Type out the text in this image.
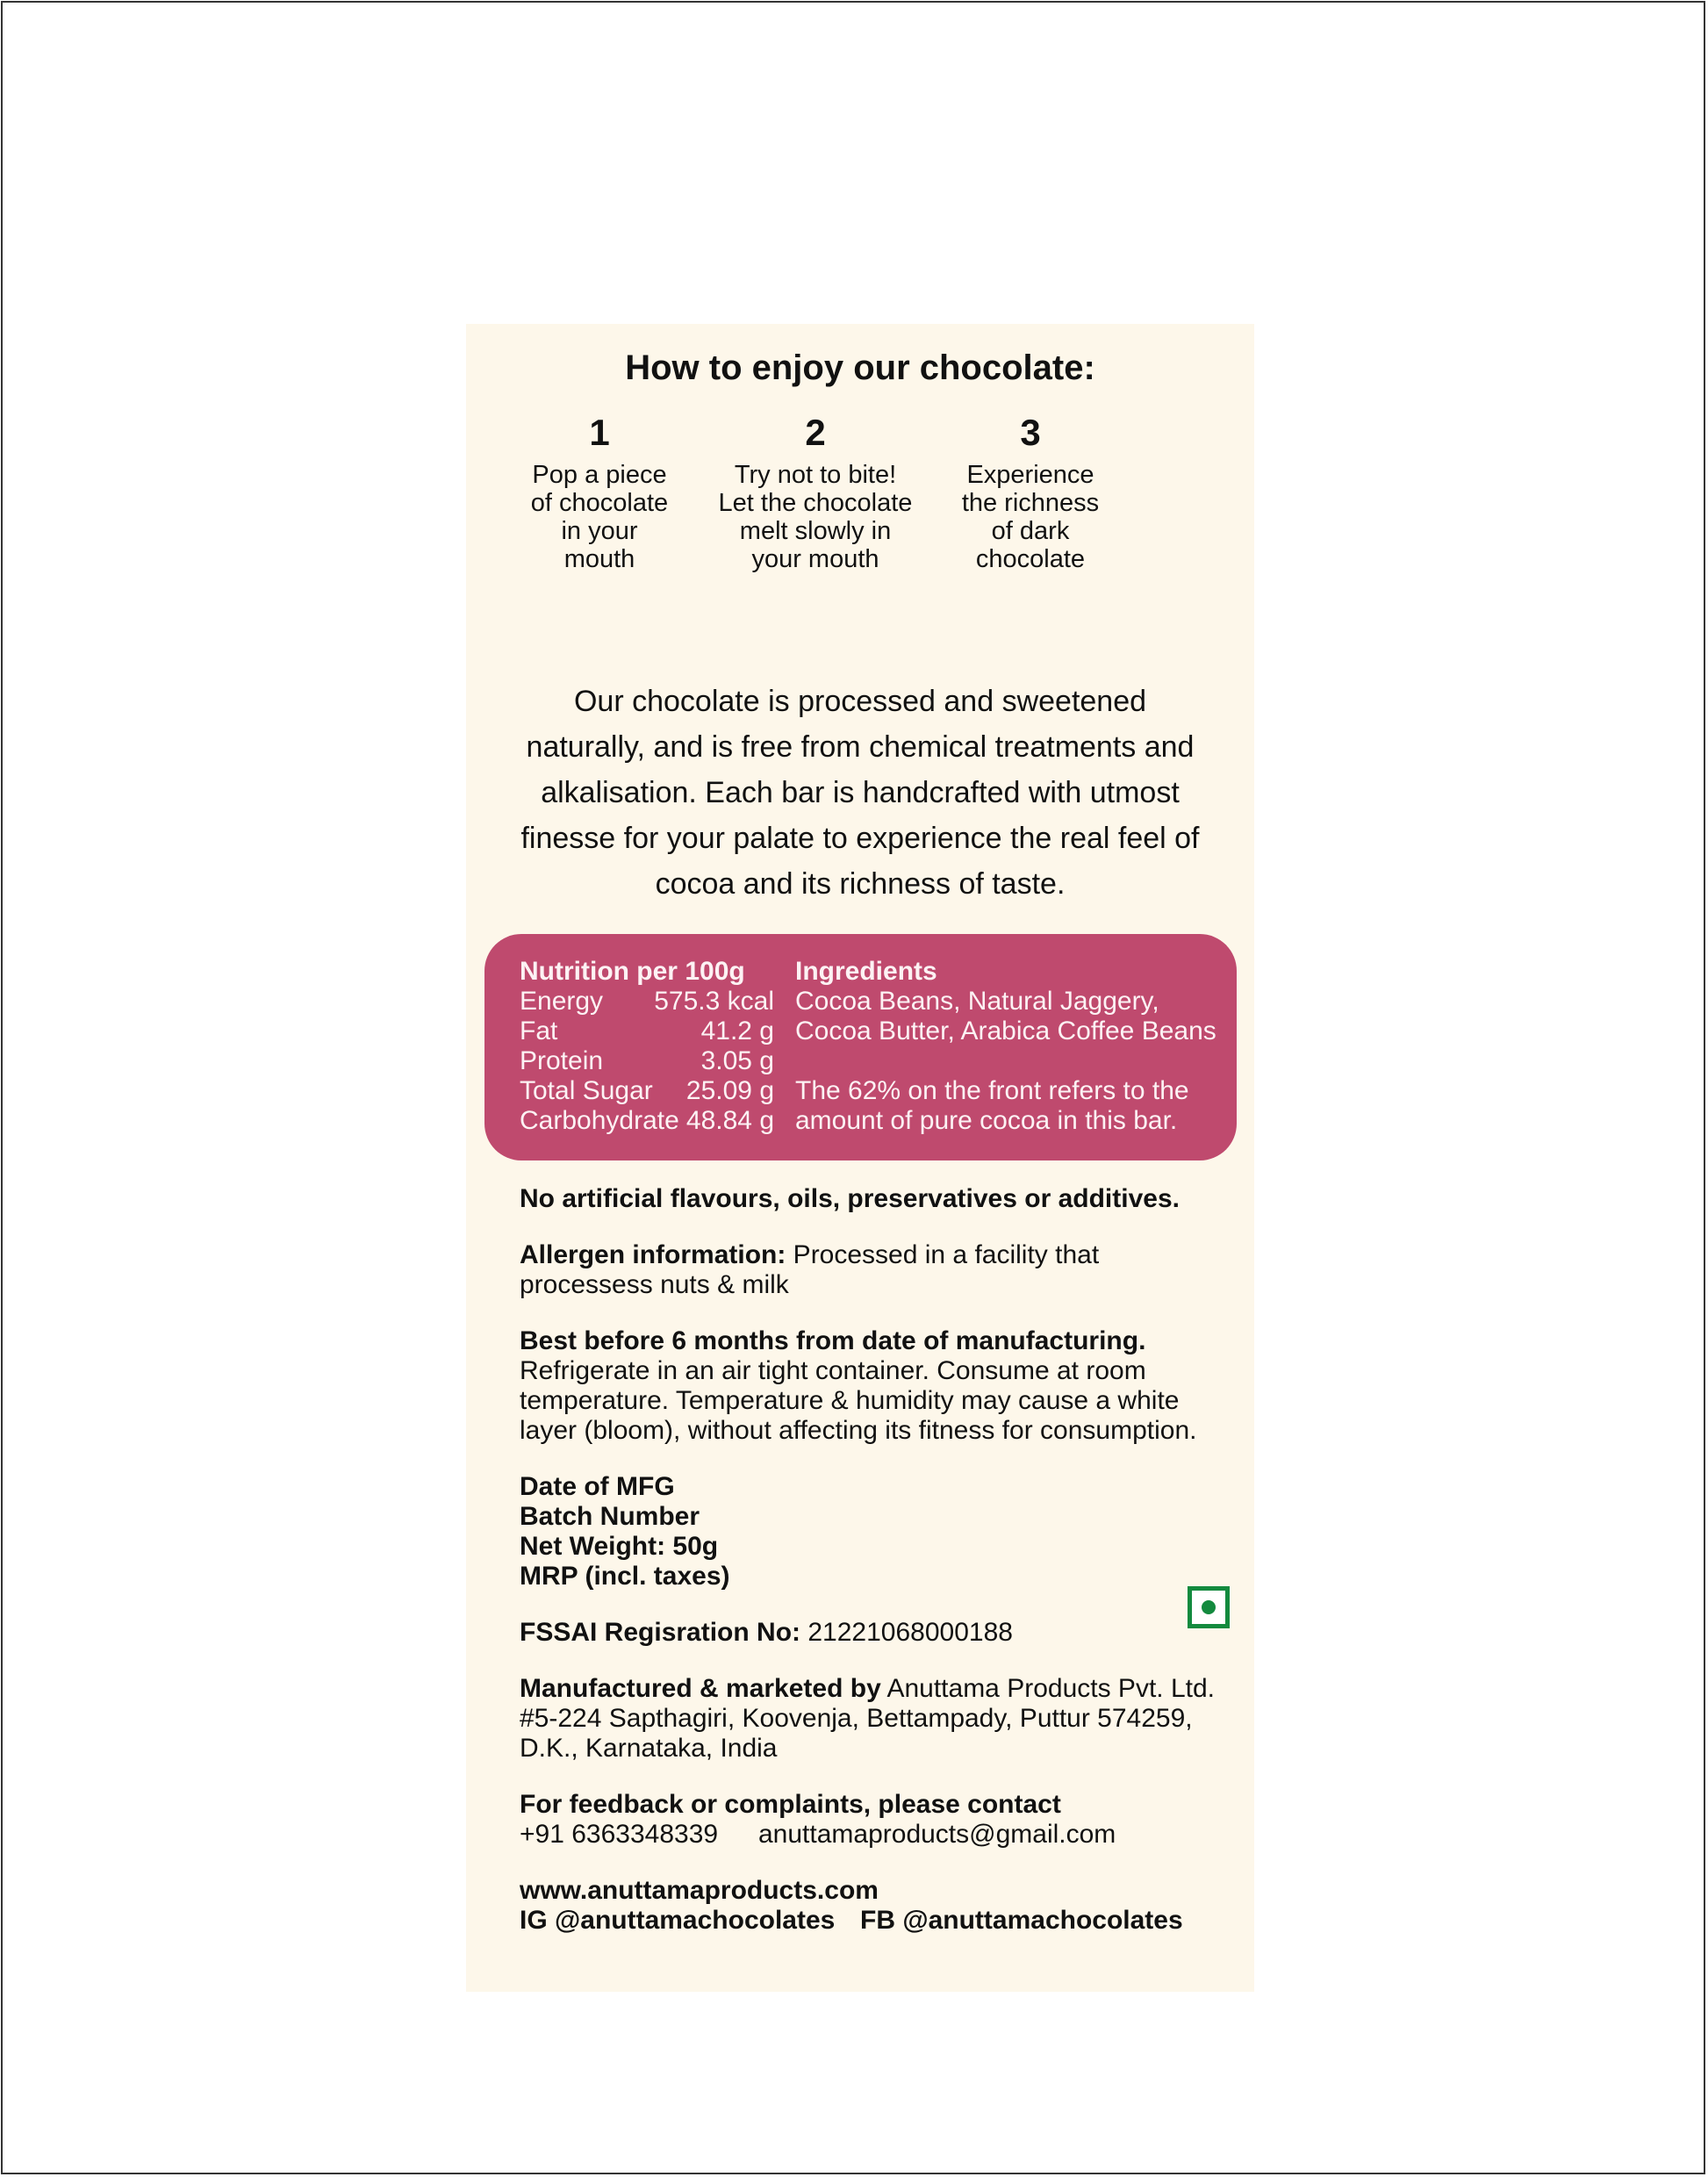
How to enjoy our chocolate:
1
Pop a piece
of chocolate
in your
mouth
2
Try not to bite!
Let the chocolate
melt slowly in
your mouth
3
Experience
the richness
of dark
chocolate
Our chocolate is processed and sweetened
naturally, and is free from chemical treatments and
alkalisation. Each bar is handcrafted with utmost
finesse for your palate to experience the real feel of
cocoa and its richness of taste.
Nutrition per 100g
Energy 575.3 kcal
Fat	41.2 g
Protein	3.05 g
Total Sugar 25.09 g
Carbohydrate 48.84 g
Ingredients
Cocoa Beans, Natural Jaggery,
Cocoa Butter, Arabica Coffee Beans
The 62% on the front refers to the
amount of pure cocoa in this bar.
No artificial flavours, oils, preservatives or additives.
Allergen information: Processed in a facility that
processess nuts & milk
Best before 6 months from date of manufacturing.
Refrigerate in an air tight container. Consume at room
temperature. Temperature & humidity may cause a white
layer (bloom), without affecting its fitness for consumption.
Date of MFG
Batch Number
Net Weight: 50g
MRP (incl. taxes)
FSSAI Regisration No: 21221068000188
Manufactured & marketed by Anuttama Products Pvt. Ltd.
#5-224 Sapthagiri, Koovenja, Bettampady, Puttur 574259,
D.K., Karnataka, India
For feedback or complaints, please contact
+91 6363348339 anuttamaproducts@gmail.com
www.anuttamaproducts.com
IG @anuttamachocolates FB @anuttamachocolates
